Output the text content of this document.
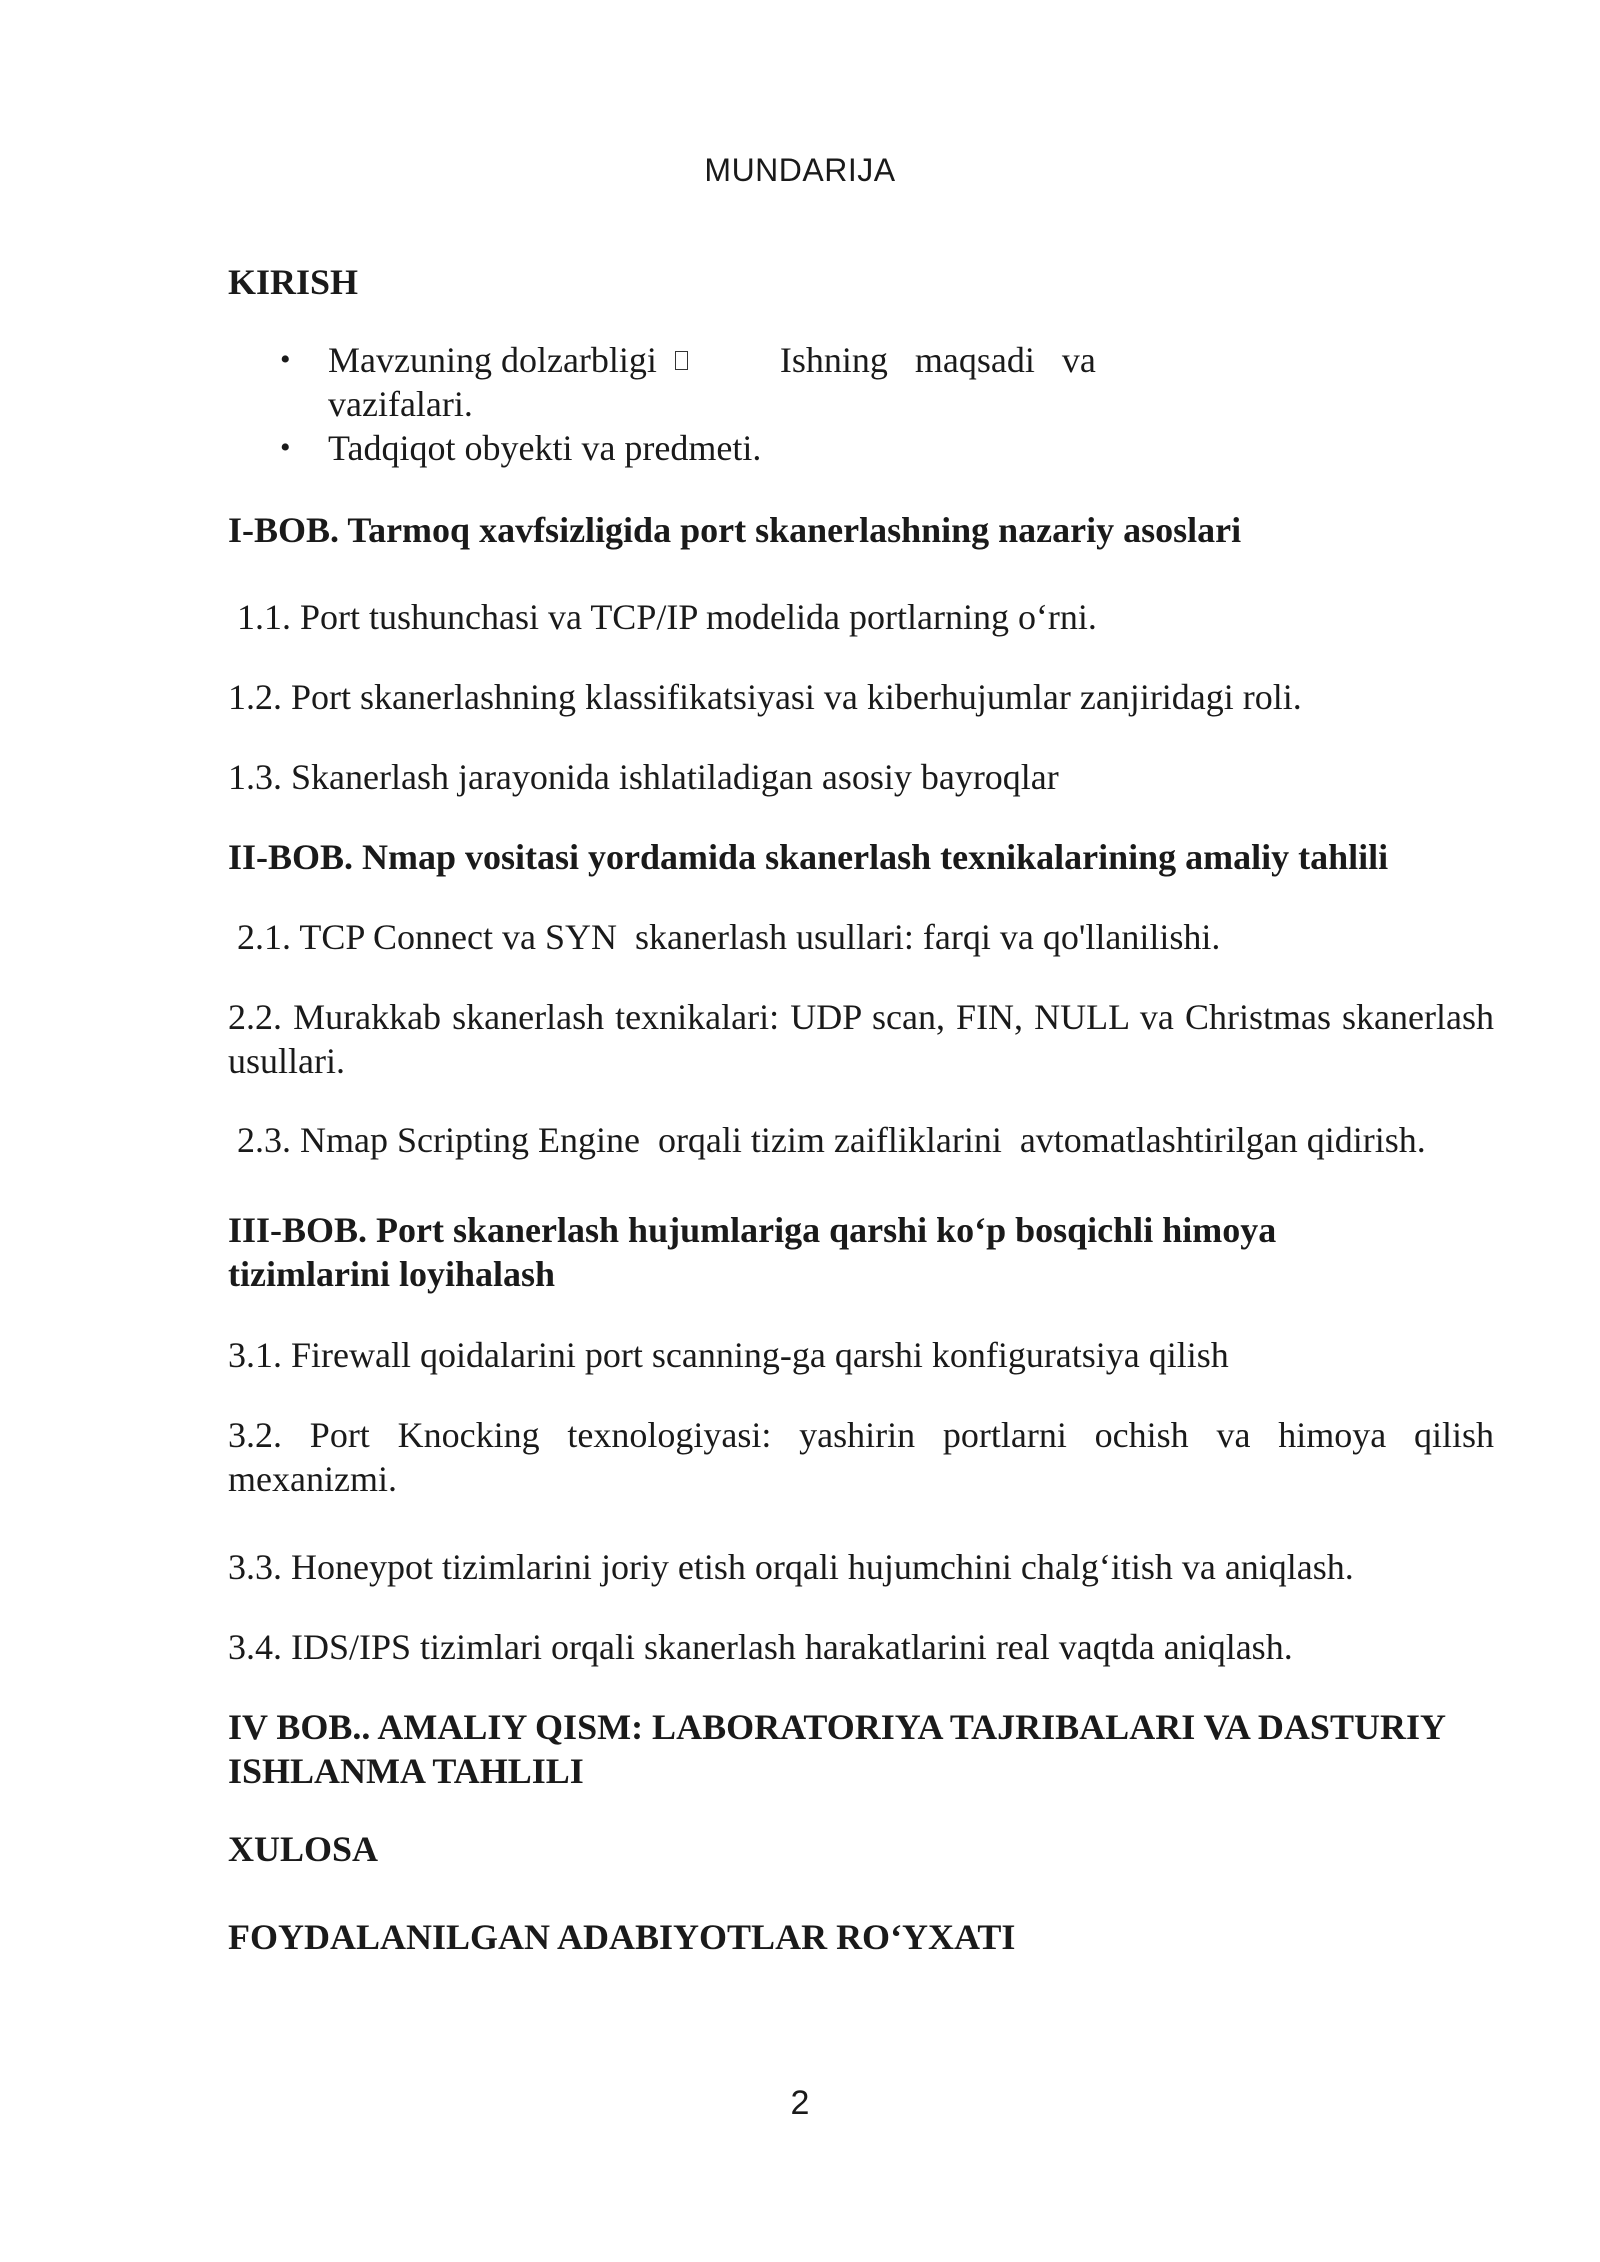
MUNDARIJA
KIRISH
• Mavzuning dolzarbligi	Ishning   maqsadi   va
vazifalari.
• Tadqiqot obyekti va predmeti.
I-BOB. Tarmoq xavfsizligida port skanerlashning nazariy asoslari
1.1. Port tushunchasi va TCP/IP modelida portlarning o‘rni.
1.2. Port skanerlashning klassifikatsiyasi va kiberhujumlar zanjiridagi roli.
1.3. Skanerlash jarayonida ishlatiladigan asosiy bayroqlar
II-BOB. Nmap vositasi yordamida skanerlash texnikalarining amaliy tahlili
2.1. TCP Connect va SYN  skanerlash usullari: farqi va qo'llanilishi.
2.2. Murakkab skanerlash texnikalari: UDP scan, FIN, NULL va Christmas skanerlash usullari.
2.3. Nmap Scripting Engine  orqali tizim zaifliklarini  avtomatlashtirilgan qidirish.
III-BOB. Port skanerlash hujumlariga qarshi ko‘p bosqichli himoya tizimlarini loyihalash
3.1. Firewall qoidalarini port scanning-ga qarshi konfiguratsiya qilish
3.2. Port Knocking texnologiyasi: yashirin portlarni ochish va himoya qilish mexanizmi.
3.3. Honeypot tizimlarini joriy etish orqali hujumchini chalg‘itish va aniqlash.
3.4. IDS/IPS tizimlari orqali skanerlash harakatlarini real vaqtda aniqlash.
IV BOB.. AMALIY QISM: LABORATORIYA TAJRIBALARI VA DASTURIY ISHLANMA TAHLILI
XULOSA
FOYDALANILGAN ADABIYOTLAR RO‘YXATI
2
